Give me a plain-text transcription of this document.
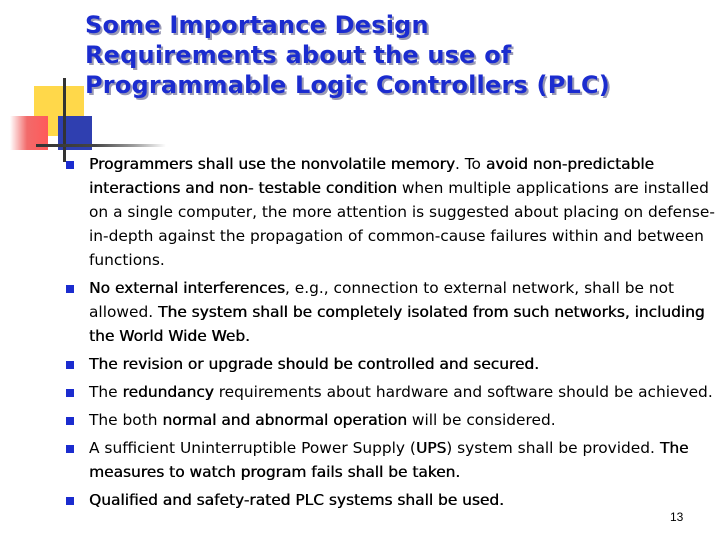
Some Importance Design
Requirements about the use of
Programmable Logic Controllers (PLC)
Programmers shall use the nonvolatile memory. To avoid non-predictable interactions and non- testable condition when multiple applications are installed on a single computer, the more attention is suggested about placing on defense-in-depth against the propagation of common-cause failures within and between functions.
No external interferences, e.g., connection to external network, shall be not allowed. The system shall be completely isolated from such networks, including the World Wide Web.
The revision or upgrade should be controlled and secured.
The redundancy requirements about hardware and software should be achieved.
The both normal and abnormal operation will be considered.
A sufficient Uninterruptible Power Supply (UPS) system shall be provided. The measures to watch program fails shall be taken.
Qualified and safety-rated PLC systems shall be used.
13
